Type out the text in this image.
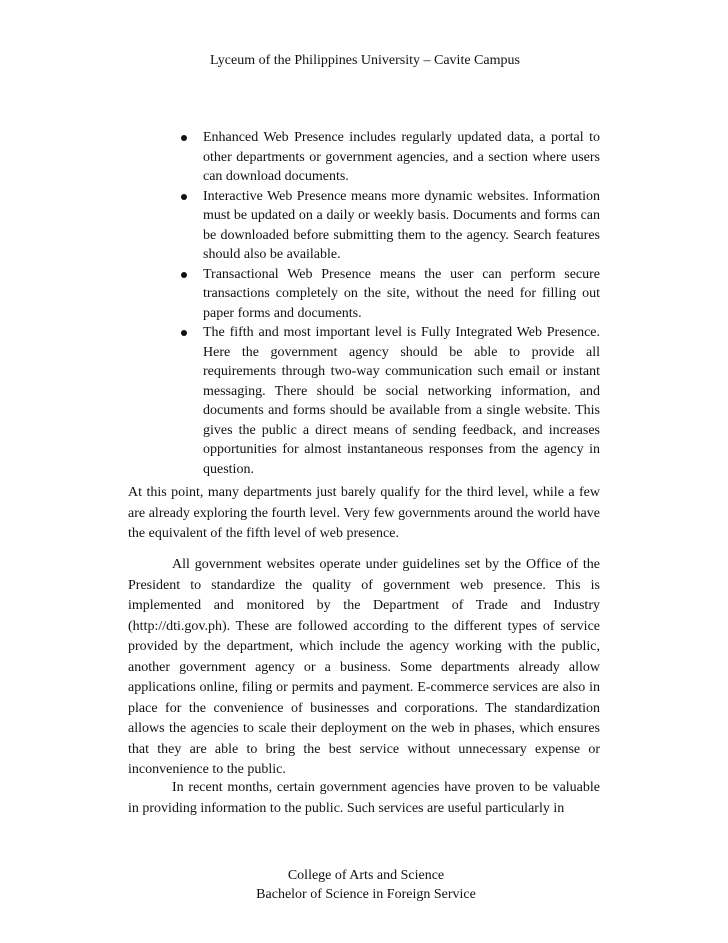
Lyceum of the Philippines University – Cavite Campus
Enhanced Web Presence includes regularly updated data, a portal to other departments or government agencies, and a section where users can download documents.
Interactive Web Presence means more dynamic websites. Information must be updated on a daily or weekly basis. Documents and forms can be downloaded before submitting them to the agency. Search features should also be available.
Transactional Web Presence means the user can perform secure transactions completely on the site, without the need for filling out paper forms and documents.
The fifth and most important level is Fully Integrated Web Presence. Here the government agency should be able to provide all requirements through two-way communication such email or instant messaging. There should be social networking information, and documents and forms should be available from a single website. This gives the public a direct means of sending feedback, and increases opportunities for almost instantaneous responses from the agency in question.

At this point, many departments just barely qualify for the third level, while a few are already exploring the fourth level. Very few governments around the world have the equivalent of the fifth level of web presence.

All government websites operate under guidelines set by the Office of the President to standardize the quality of government web presence. This is implemented and monitored by the Department of Trade and Industry (http://dti.gov.ph). These are followed according to the different types of service provided by the department, which include the agency working with the public, another government agency or a business. Some departments already allow applications online, filing or permits and payment. E-commerce services are also in place for the convenience of businesses and corporations. The standardization allows the agencies to scale their deployment on the web in phases, which ensures that they are able to bring the best service without unnecessary expense or inconvenience to the public.

In recent months, certain government agencies have proven to be valuable in providing information to the public. Such services are useful particularly in

College of Arts and Science
Bachelor of Science in Foreign Service
